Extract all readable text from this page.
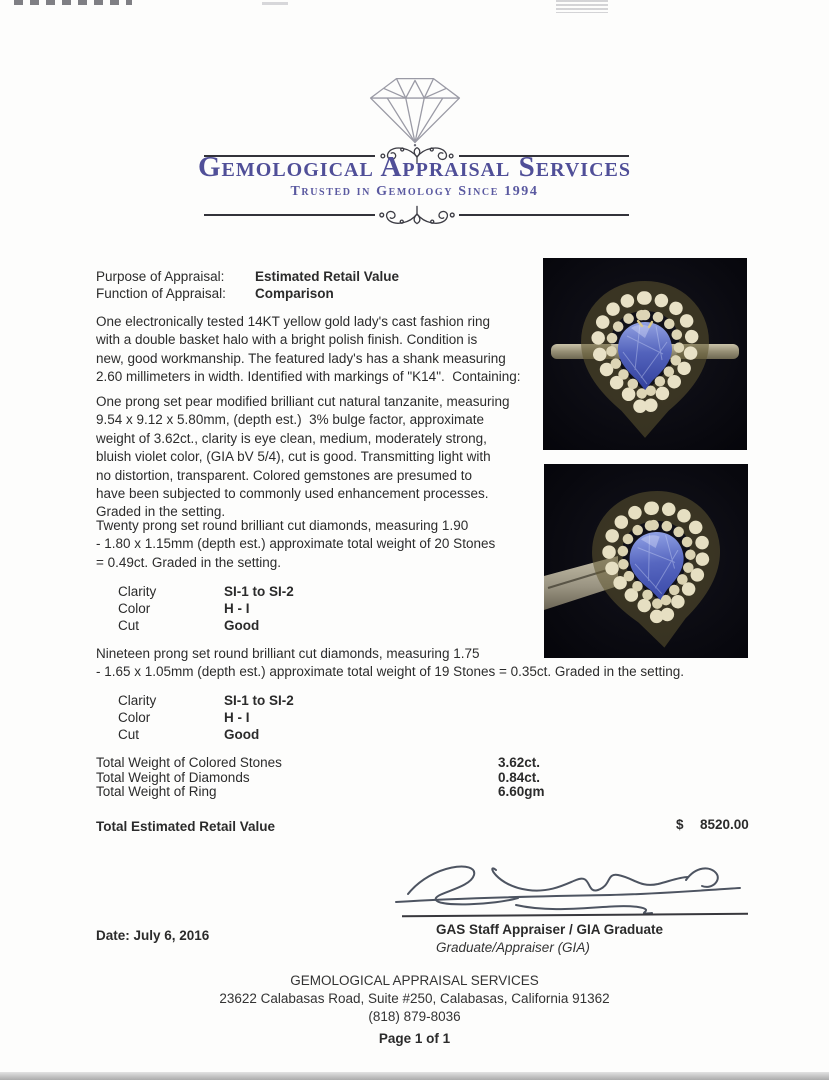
Gemological Appraisal Services
Trusted in Gemology Since 1994
Purpose of Appraisal: Estimated Retail Value
Function of Appraisal: Comparison
One electronically tested 14KT yellow gold lady's cast fashion ring
with a double basket halo with a bright polish finish. Condition is
new, good workmanship. The featured lady's has a shank measuring
2.60 millimeters in width. Identified with markings of "K14".  Containing:
One prong set pear modified brilliant cut natural tanzanite, measuring
9.54 x 9.12 x 5.80mm, (depth est.)  3% bulge factor, approximate
weight of 3.62ct., clarity is eye clean, medium, moderately strong,
bluish violet color, (GIA bV 5/4), cut is good. Transmitting light with
no distortion, transparent. Colored gemstones are presumed to
have been subjected to commonly used enhancement processes.
Graded in the setting.
Twenty prong set round brilliant cut diamonds, measuring 1.90
- 1.80 x 1.15mm (depth est.) approximate total weight of 20 Stones
= 0.49ct. Graded in the setting.
Nineteen prong set round brilliant cut diamonds, measuring 1.75
- 1.65 x 1.05mm (depth est.) approximate total weight of 19 Stones = 0.35ct. Graded in the setting.
Clarity	SI-1 to SI-2
Color	H - I
Cut	Good
Clarity	SI-1 to SI-2
Color	H - I
Cut	Good
Total Weight of Colored Stones	3.62ct.
Total Weight of Diamonds	0.84ct.
Total Weight of Ring	6.60gm
Total Estimated Retail Value	$ 8520.00
Date: July 6, 2016	GAS Staff Appraiser / GIA Graduate
Graduate/Appraiser (GIA)
GEMOLOGICAL APPRAISAL SERVICES
23622 Calabasas Road, Suite #250, Calabasas, California 91362
(818) 879-8036
Page 1 of 1
